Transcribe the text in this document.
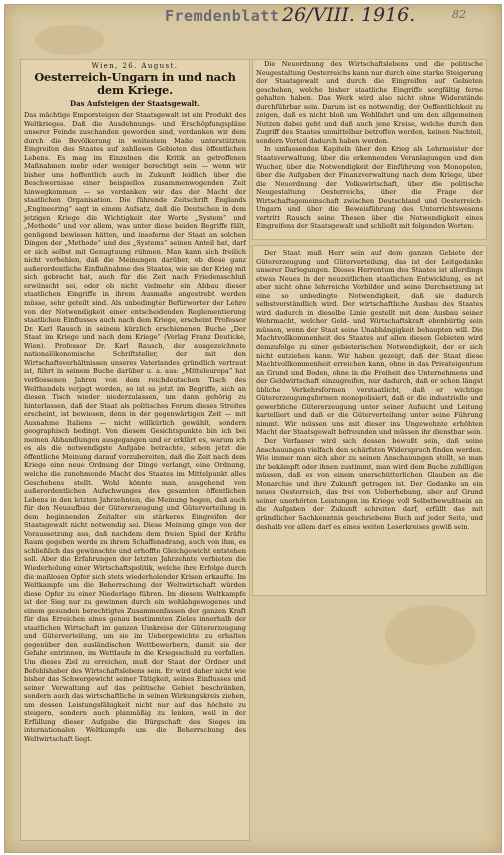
Fremdenblatt 26/VIII. 1916.	82
Wien, 26. August.
Oesterreich-Ungarn in und nach dem Kriege.
Das Aufsteigen der Staatsgewalt.

Das mächtige Emporsteigen der Staatsgewalt ist ein Produkt des Weltkrieges. Daß die Ausdehnungs- und Erschöpfungspläne unserer Feinde zuschanden geworden sind, verdanken wir dem durch die Bevölkerung in weitestem Maße unterstützten Eingreifen des Staates auf zahllosen Gebieten des öffentlichen Lebens. Es mag im Einzelnen die Kritik an getroffenen Maßnahmen mehr oder weniger berechtigt sein — wenn wir bisher uns hoffentlich auch in Zukunft leidlich über die Beschwernisse einer beispiellos zusammenwogenden Zeit hinwegkommen — so verdanken wir das der Macht der staatlichen Organisation. Die führende Zeitschrift Englands „Engineering“ sagt in einem Aufsatz, daß die Deutschen in dem jetzigen Kriege die Wichtigkeit der Worte „System“ und „Methode“ und vor allem, was unter diese beiden Begriffe fällt, genügend bewiesen hätten, und insoferne der Staat an solchen Dingen der „Methode“ und des „Systems“ seinen Anteil hat, darf er sich selbst mit Genugtuung rühmen. Man kann sich freilich nicht verhehlen, daß die Meinungen darüber, ob diese ganz außerordentliche Einflußnahme des Staates, wie sie der Krieg mit sich gebracht hat, auch für die Zeit nach Friedensschluß erwünscht sei, oder ob nicht vielmehr ein Abbau dieser staatlichen Eingriffe in ihrem Ausmaße angestrebt werden müsse, sehr geteilt sind. Als unbedingter Befürworter der Lehre von der Notwendigkeit einer entscheidenden Reglementierung staatlichen Einflusses auch nach dem Kriege, erscheint Professor Dr. Karl Rausch in seinem kürzlich erschienenen Buche „Der Staat im Kriege und nach dem Kriege“ (Verlag Franz Deuticke, Wien). Professor Dr. Karl Rausch, der ausgezeichnete nationalökonomische Schriftsteller, der mit den Wirtschaftsverhältnissen unseres Vaterlandes gründlich vertraut ist, führt in seinem Buche darüber u. a. aus: „Mitteleuropa“ hat verflossenen Jahren von dem reichdeutschen Tisch des Welthandels verjagt worden, so ist es jetzt im Begriffe, sich an diesen Tisch wieder niederzulassen, um dann gehörig zu hinterlassen, daß der Staat als politisches Forum dieses Streites erscheint, ist bewiesen, denn in der gegenwärtigen Zeit — mit Ausnahme Italiens — nicht willkürlich gewählt, sondern geographisch bedingt. Von diesem Gesichtspunkte bin ich bei meinen Abhandlungen ausgegangen und er erklärt es, warum ich es als die notwendigste Aufgabe betrachte, schon jetzt die öffentliche Meinung darauf vorzubereiten, daß die Zeit nach dem Kriege eine neue Ordnung der Dinge verlangt, eine Ordnung, welche die zunehmende Macht des Staates im Mittelpunkt alles Geschehens stellt. Wohl könnte man, ausgehend von außerordentlichen Aufschwunges des gesamten öffentlichen Lebens in den letzten Jahrzehnten, die Meinung hegen, daß auch für den Neuaufbau der Gütererzeugung und Güterverteilung in dem beginnenden Zeitalter ein stärkeres Eingreifen der Staatsgewalt nicht notwendig sei. Diese Meinung ginge von der Voraussetzung aus, daß nachdem dem freien Spiel der Kräfte Raum gegeben werde zu ihrem Schaffensdrang, auch von ihm, es schließlich das gewünschte und erhoffte Gleichgewicht entstehen soll. Aber die Erfahrungen der letzten Jahrzehnte verbieten die Wiederholung einer Wirtschaftspolitik, welche ihre Erfolge durch die maßlosen Opfer sich stets wiederholender Krisen erkaufte. Im Weltkampfe um die Beherrschung der Weltwirtschaft würden diese Opfer zu einer Niederlage führen. Im diesem Weltkampfe ist der Sieg nur zu gewinnen durch ein wohlabgewogenes und einem gesunden berechtigtes Zusammenfassen der ganzen Kraft für das Erreichen eines genau bestimmten Zieles innerhalb der staatlichen Wirtschaft im ganzen Umkreise der Gütererzeugung und Güterverteilung, um sie im Uebergewichte zu erhalten gegenüber den ausländischen Wettbewerbern, damit sie der Gefahr entrinnen, im Wettlaufe in die Kriegsschuld zu verfallen. Um dieses Ziel zu erreichen, muß der Staat der Ordner und Befehlshaber des Wirtschaftslebens sein. Er wird daher nicht wie bisher das Schwergewicht seiner Tätigkeit, seines Einflusses und seiner Verwaltung auf das politische Gebiet beschränken, sondern auch das wirtschaftliche in seinen Wirkungskreis ziehen, um dessen Leistungsfähigkeit nicht nur auf das höchste zu steigern, sondern auch planmäßig zu lenken, weil in der Erfüllung dieser Aufgabe die Bürgschaft des Sieges im internationalen Weltkampfe um die Beherrschung des Weltwirtschaft liegt.

Die Neuordnung des Wirtschaftslebens und die politische Neugestaltung Oesterreichs kann nur durch eine starke Steigerung der Staatsgewalt und durch die Eingreifen auf Gebieten geschehen, welche bisher staatliche Eingriffe sorgfältig ferne gehalten haben. Das Werk wird also nicht ohne Widerstände durchführbar sein. Darum ist es notwendig, der Oeffentlichkeit zu zeigen, daß es nicht bloß um Wohlfahrt und um den allgemeinen Nutzen dabei geht und daß auch jene Kreise, welche durch den Zugriff des Staates unmittelbar betroffen werden, keinen Nachteil, sondern Vorteil dadurch haben werden.

In umfassenden Kapiteln über den Krieg als Lehrmeister der Staatsverwaltung, über die erkennenden Veranlagungen und den Wucher, über die Notwendigkeit der Einführung von Monopolen, über die Aufgaben der Finanzverwaltung nach dem Kriege, über die Neuordnung der Volkswirtschaft, über die politische Neugestaltung Oesterreichs, über die Frage der Wirtschaftsgemeinschaft zwischen Deutschland und Oesterreich-Ungarn und über die Beweisführung des Unterrichtswesens vertritt Rausch seine Thesen über die Notwendigkeit eines Eingreifens der Staatsgewalt und schließt mit folgenden Worten:

Der Staat muß Herr sein auf dem ganzen Gebiete der Gütererzeugung und Güterverteilung, das ist der Leitgedanke unserer Darlegungen. Dieses Herrentum des Staates ist allerdings etwas Neues in der neuzeitlichen staatlichen Entwicklung, es ist aber nicht ohne lehrreiche Vorbilder und seine Durchsetzung ist eine so unbedingte Notwendigkeit, daß sie dadurch selbstverständlich wird. Der wirtschaftliche Ausbau des Staates wird dadurch in dieselbe Linie gestellt mit dem Ausbau seiner Wehrmacht, welcher Geld- und Wirtschaftskraft ebenbürtig sein müssen, wenn der Staat seine Unabhängigkeit behaupten will. Die Machtvollkommenheit des Staates auf allen diesen Gebieten wird demzufolge zu einer gebieterischen Notwendigkeit, der er sich nicht entziehen kann. Wir haben gezeigt, daß der Staat diese Machtvollkommenheit erreichen kann, ohne in das Privateigentum an Grund und Boden, ohne in die Freiheit des Unternehmens und der Geldwirtschaft einzugreifen, nur dadurch, daß er schon längst übliche Verkehrsformen verstaatlicht, daß er wichtige Gütererzeugungsformen monopolisiert, daß er die industrielle und gewerbliche Gütererzeugung unter seiner Aufsicht und Leitung kartelliert und daß er die Güterverteilung unter seine Führung nimmt. Wir müssen uns mit dieser ins Ungewohnte erhöhten Macht der Staatsgewalt befreunden und müssen ihr dienstbar sein.

Der Verfasser wird sich dessen bewußt sein, daß seine Anschauungen vielfach den schärfsten Widerspruch finden werden. Wie immer man sich aber zu seinen Anschauungen stellt, so man ihr bekämpft oder ihnen zustimmt, man wird dem Buche zubilligen müssen, daß es von einem unerschütterlichen Glauben an die Monarchie und ihre Zukunft getragen ist. Der Gedanke an ein neues Oesterreich, das frei von Ueberhebung, aber auf Grund seiner unerhörten Leistungen im Kriege voll Selbstbewußtsein an die Aufgaben der Zukunft schreiten darf, erfüllt das mit gründlicher Sachkenntnis geschriebene Buch auf jeder Seite, und deshalb vor allem darf es eines weiten Leserkreises gewiß sein.
